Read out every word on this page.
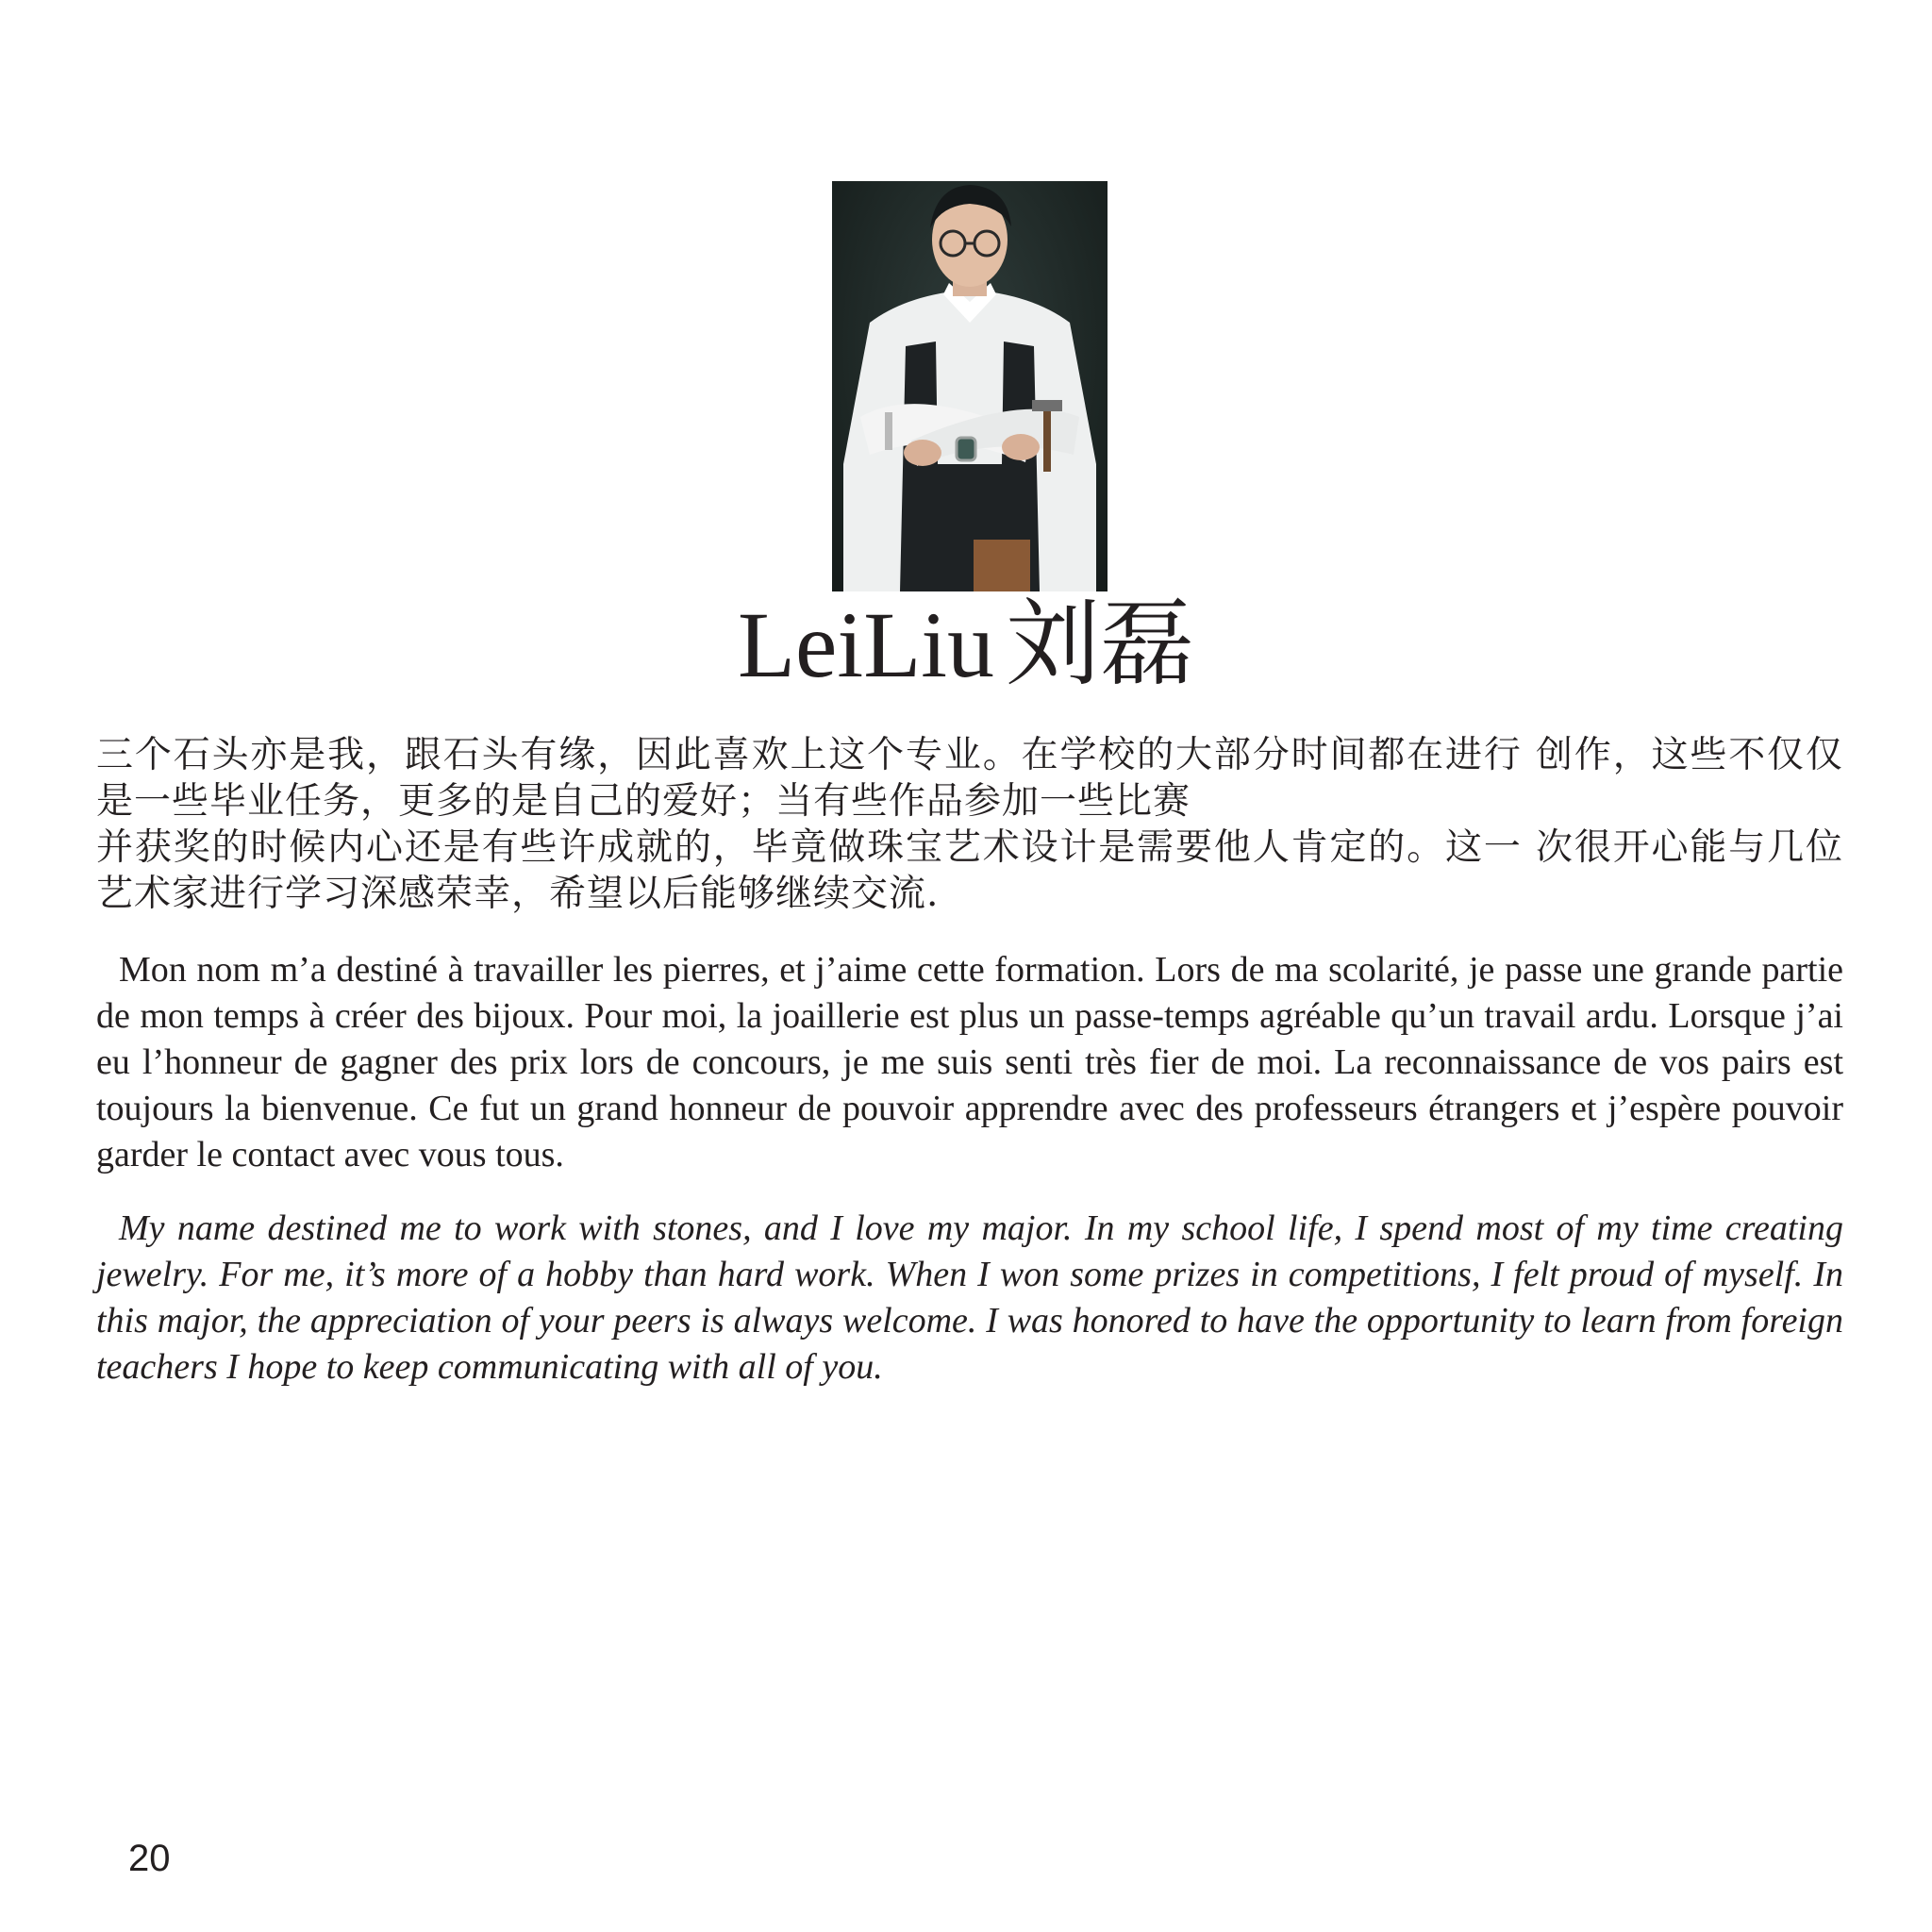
LeiLiu 刘磊
三个石头亦是我，跟石头有缘，因此喜欢上这个专业。在学校的大部分时间都在进行 创作，这些不仅仅
是一些毕业任务，更多的是自己的爱好；当有些作品参加一些比赛
并获奖的时候内心还是有些许成就的，毕竟做珠宝艺术设计是需要他人肯定的。这一 次很开心能与几位
艺术家进行学习深感荣幸，希望以后能够继续交流.

Mon nom m’a destiné à travailler les pierres, et j’aime cette formation. Lors de ma scolarité, je passe une grande partie de mon temps à créer des bijoux. Pour moi, la joaillerie est plus un passe-temps agréable qu’un travail ardu. Lorsque j’ai eu l’honneur de gagner des prix lors de concours, je me suis senti très fier de moi. La reconnaissance de vos pairs est toujours la bienvenue. Ce fut un grand honneur de pouvoir apprendre avec des professeurs étrangers et j’espère pouvoir garder le contact avec vous tous.

My name destined me to work with stones, and I love my major. In my school life, I spend most of my time creating jewelry. For me, it’s more of a hobby than hard work. When I won some prizes in competitions, I felt proud of myself. In this major, the appreciation of your peers is always welcome. I was honored to have the opportunity to learn from foreign teachers I hope to keep communicating with all of you.

20
